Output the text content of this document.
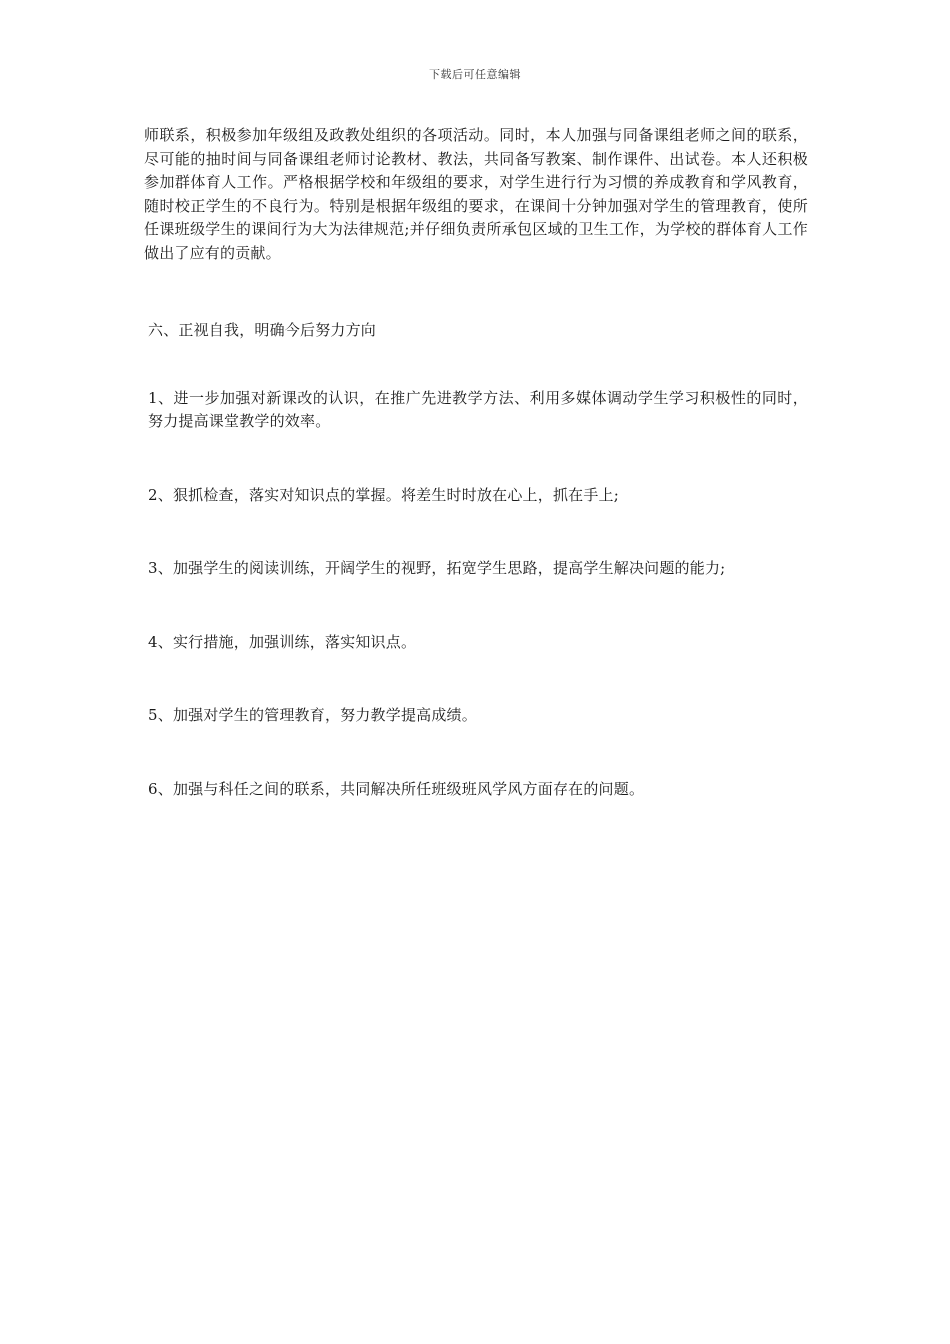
下载后可任意编辑

师联系，积极参加年级组及政教处组织的各项活动。同时，本人加强与同备课组老师之间的联系，尽可能的抽时间与同备课组老师讨论教材、教法，共同备写教案、制作课件、出试卷。本人还积极参加群体育人工作。严格根据学校和年级组的要求，对学生进行行为习惯的养成教育和学风教育，随时校正学生的不良行为。特别是根据年级组的要求，在课间十分钟加强对学生的管理教育，使所任课班级学生的课间行为大为法律规范;并仔细负责所承包区域的卫生工作，为学校的群体育人工作做出了应有的贡献。

六、正视自我，明确今后努力方向

1、进一步加强对新课改的认识，在推广先进教学方法、利用多媒体调动学生学习积极性的同时，努力提高课堂教学的效率。

2、狠抓检查，落实对知识点的掌握。将差生时时放在心上，抓在手上;

3、加强学生的阅读训练，开阔学生的视野，拓宽学生思路，提高学生解决问题的能力;

4、实行措施，加强训练，落实知识点。

5、加强对学生的管理教育，努力教学提高成绩。

6、加强与科任之间的联系，共同解决所任班级班风学风方面存在的问题。
